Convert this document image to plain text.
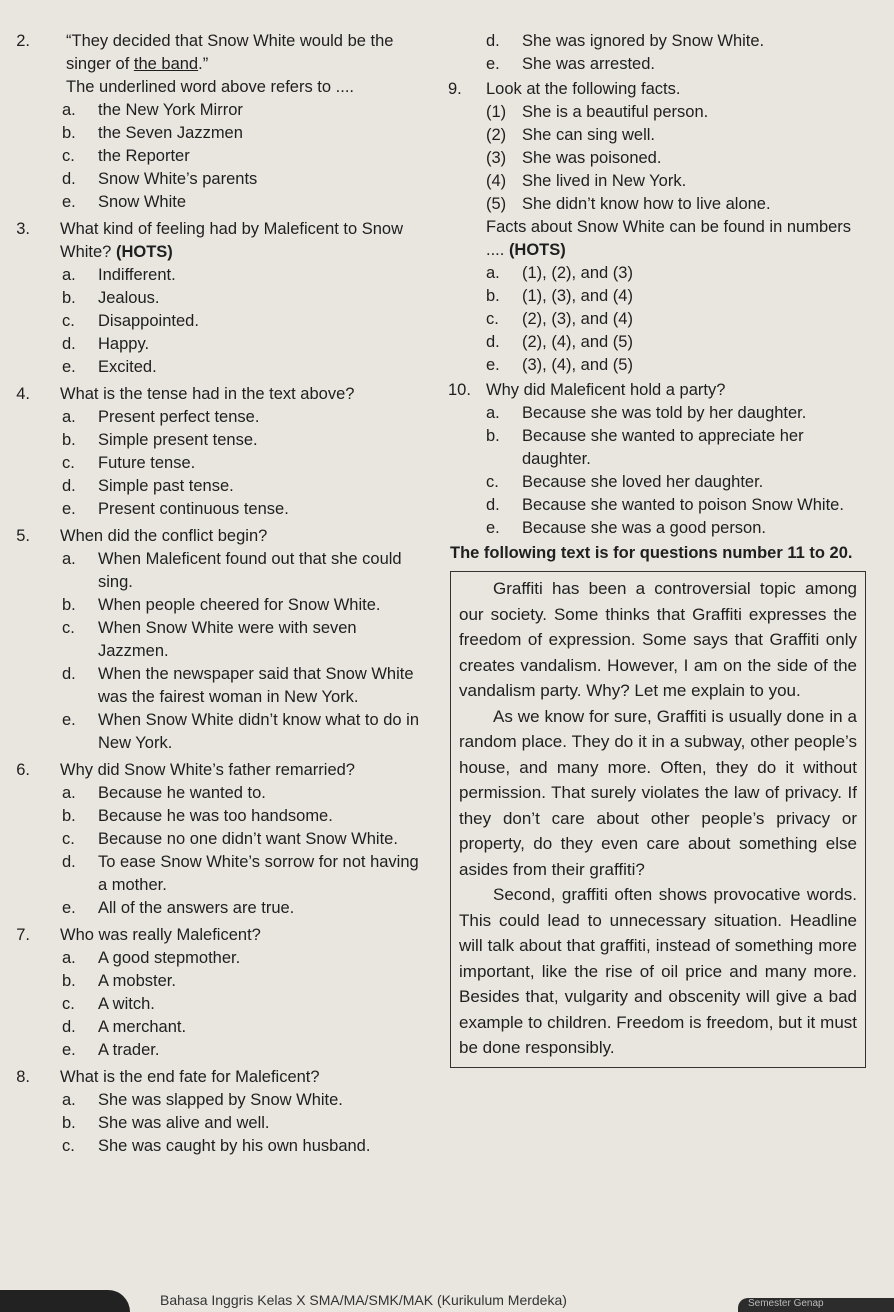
2. “They decided that Snow White would be the singer of the band.”
The underlined word above refers to ....
a. the New York Mirror
b. the Seven Jazzmen
c. the Reporter
d. Snow White’s parents
e. Snow White
3. What kind of feeling had by Maleficent to Snow White? (HOTS)
a. Indifferent.
b. Jealous.
c. Disappointed.
d. Happy.
e. Excited.
4. What is the tense had in the text above?
a. Present perfect tense.
b. Simple present tense.
c. Future tense.
d. Simple past tense.
e. Present continuous tense.
5. When did the conflict begin?
a. When Maleficent found out that she could sing.
b. When people cheered for Snow White.
c. When Snow White were with seven Jazzmen.
d. When the newspaper said that Snow White was the fairest woman in New York.
e. When Snow White didn’t know what to do in New York.
6. Why did Snow White’s father remarried?
a. Because he wanted to.
b. Because he was too handsome.
c. Because no one didn’t want Snow White.
d. To ease Snow White’s sorrow for not having a mother.
e. All of the answers are true.
7. Who was really Maleficent?
a. A good stepmother.
b. A mobster.
c. A witch.
d. A merchant.
e. A trader.
8. What is the end fate for Maleficent?
a. She was slapped by Snow White.
b. She was alive and well.
c. She was caught by his own husband.
d. She was ignored by Snow White.
e. She was arrested.
9.	Look at the following facts.
(1) She is a beautiful person.
(2) She can sing well.
(3) She was poisoned.
(4) She lived in New York.
(5) She didn’t know how to live alone.
Facts about Snow White can be found in numbers .... (HOTS)
a. (1), (2), and (3)
b. (1), (3), and (4)
c. (2), (3), and (4)
d. (2), (4), and (5)
e. (3), (4), and (5)
10. Why did Maleficent hold a party?
a. Because she was told by her daughter.
b. Because she wanted to appreciate her daughter.
c. Because she loved her daughter.
d. Because she wanted to poison Snow White.
e. Because she was a good person.
The following text is for questions number 11 to 20.

Graffiti has been a controversial topic among our society. Some thinks that Graffiti expresses the freedom of expression. Some says that Graffiti only creates vandalism. However, I am on the side of the vandalism party. Why? Let me explain to you.

As we know for sure, Graffiti is usually done in a random place. They do it in a subway, other people’s house, and many more. Often, they do it without permission. That surely violates the law of privacy. If they don’t care about other people’s privacy or property, do they even care about something else asides from their graffiti?

Second, graffiti often shows provocative words. This could lead to unnecessary situation. Headline will talk about that graffiti, instead of something more important, like the rise of oil price and many more. Besides that, vulgarity and obscenity will give a bad example to children. Freedom is freedom, but it must be done responsibly.

Bahasa Inggris Kelas X SMA/MA/SMK/MAK (Kurikulum Merdeka)	Semester Genap
